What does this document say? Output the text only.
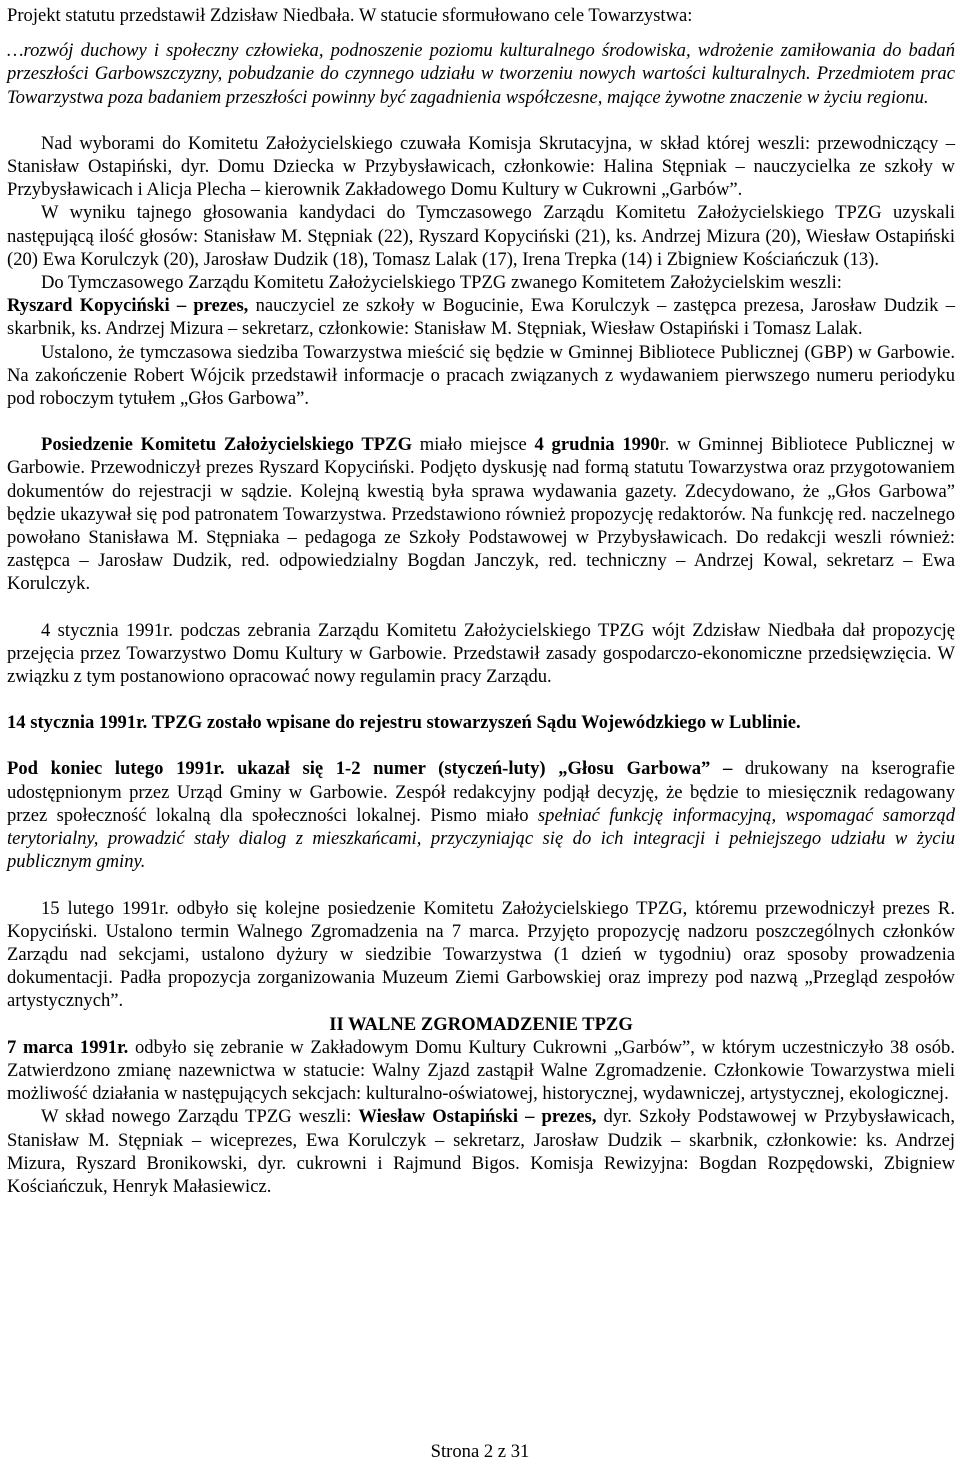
Projekt statutu przedstawił Zdzisław Niedbała. W statucie sformułowano cele Towarzystwa:

…rozwój duchowy i społeczny człowieka, podnoszenie poziomu kulturalnego środowiska, wdrożenie zamiłowania do badań przeszłości Garbowszczyzny, pobudzanie do czynnego udziału w tworzeniu nowych wartości kulturalnych. Przedmiotem prac Towarzystwa poza badaniem przeszłości powinny być zagadnienia współczesne, mające żywotne znaczenie w życiu regionu.

Nad wyborami do Komitetu Założycielskiego czuwała Komisja Skrutacyjna, w skład której weszli: przewodniczący – Stanisław Ostapiński, dyr. Domu Dziecka w Przybysławicach, członkowie: Halina Stępniak – nauczycielka ze szkoły w Przybysławicach i Alicja Plecha – kierownik Zakładowego Domu Kultury w Cukrowni „Garbów”.

W wyniku tajnego głosowania kandydaci do Tymczasowego Zarządu Komitetu Założycielskiego TPZG uzyskali następującą ilość głosów: Stanisław M. Stępniak (22), Ryszard Kopyciński (21), ks. Andrzej Mizura (20), Wiesław Ostapiński (20) Ewa Korulczyk (20), Jarosław Dudzik (18), Tomasz Lalak (17), Irena Trepka (14) i Zbigniew Kościańczuk (13).

Do Tymczasowego Zarządu Komitetu Założycielskiego TPZG zwanego Komitetem Założycielskim weszli:

Ryszard Kopyciński – prezes, nauczyciel ze szkoły w Bogucinie, Ewa Korulczyk – zastępca prezesa, Jarosław Dudzik – skarbnik, ks. Andrzej Mizura – sekretarz, członkowie: Stanisław M. Stępniak, Wiesław Ostapiński i Tomasz Lalak.

Ustalono, że tymczasowa siedziba Towarzystwa mieścić się będzie w Gminnej Bibliotece Publicznej (GBP) w Garbowie. Na zakończenie Robert Wójcik przedstawił informacje o pracach związanych z wydawaniem pierwszego numeru periodyku pod roboczym tytułem „Głos Garbowa”.

Posiedzenie Komitetu Założycielskiego TPZG miało miejsce 4 grudnia 1990r. w Gminnej Bibliotece Publicznej w Garbowie. Przewodniczył prezes Ryszard Kopyciński. Podjęto dyskusję nad formą statutu Towarzystwa oraz przygotowaniem dokumentów do rejestracji w sądzie. Kolejną kwestią była sprawa wydawania gazety. Zdecydowano, że „Głos Garbowa” będzie ukazywał się pod patronatem Towarzystwa. Przedstawiono również propozycję redaktorów. Na funkcję red. naczelnego powołano Stanisława M. Stępniaka – pedagoga ze Szkoły Podstawowej w Przybysławicach. Do redakcji weszli również: zastępca – Jarosław Dudzik, red. odpowiedzialny Bogdan Janczyk, red. techniczny – Andrzej Kowal, sekretarz – Ewa Korulczyk.

4 stycznia 1991r. podczas zebrania Zarządu Komitetu Założycielskiego TPZG wójt Zdzisław Niedbała dał propozycję przejęcia przez Towarzystwo Domu Kultury w Garbowie. Przedstawił zasady gospodarczo-ekonomiczne przedsięwzięcia. W związku z tym postanowiono opracować nowy regulamin pracy Zarządu.

14 stycznia 1991r. TPZG zostało wpisane do rejestru stowarzyszeń Sądu Wojewódzkiego w Lublinie.

Pod koniec lutego 1991r. ukazał się 1-2 numer (styczeń-luty) „Głosu Garbowa” – drukowany na kserografie udostępnionym przez Urząd Gminy w Garbowie. Zespół redakcyjny podjął decyzję, że będzie to miesięcznik redagowany przez społeczność lokalną dla społeczności lokalnej. Pismo miało spełniać funkcję informacyjną, wspomagać samorząd terytorialny, prowadzić stały dialog z mieszkańcami, przyczyniając się do ich integracji i pełniejszego udziału w życiu publicznym gminy.

15 lutego 1991r. odbyło się kolejne posiedzenie Komitetu Założycielskiego TPZG, któremu przewodniczył prezes R. Kopyciński. Ustalono termin Walnego Zgromadzenia na 7 marca. Przyjęto propozycję nadzoru poszczególnych członków Zarządu nad sekcjami, ustalono dyżury w siedzibie Towarzystwa (1 dzień w tygodniu) oraz sposoby prowadzenia dokumentacji. Padła propozycja zorganizowania Muzeum Ziemi Garbowskiej oraz imprezy pod nazwą „Przegląd zespołów artystycznych”.

II WALNE ZGROMADZENIE TPZG

7 marca 1991r. odbyło się zebranie w Zakładowym Domu Kultury Cukrowni „Garbów”, w którym uczestniczyło 38 osób. Zatwierdzono zmianę nazewnictwa w statucie: Walny Zjazd zastąpił Walne Zgromadzenie. Członkowie Towarzystwa mieli możliwość działania w następujących sekcjach: kulturalno-oświatowej, historycznej, wydawniczej, artystycznej, ekologicznej.

W skład nowego Zarządu TPZG weszli: Wiesław Ostapiński – prezes, dyr. Szkoły Podstawowej w Przybysławicach, Stanisław M. Stępniak – wiceprezes, Ewa Korulczyk – sekretarz, Jarosław Dudzik – skarbnik, członkowie: ks. Andrzej Mizura, Ryszard Bronikowski, dyr. cukrowni i Rajmund Bigos. Komisja Rewizyjna: Bogdan Rozpędowski, Zbigniew Kościańczuk, Henryk Małasiewicz.

Strona 2 z 31
